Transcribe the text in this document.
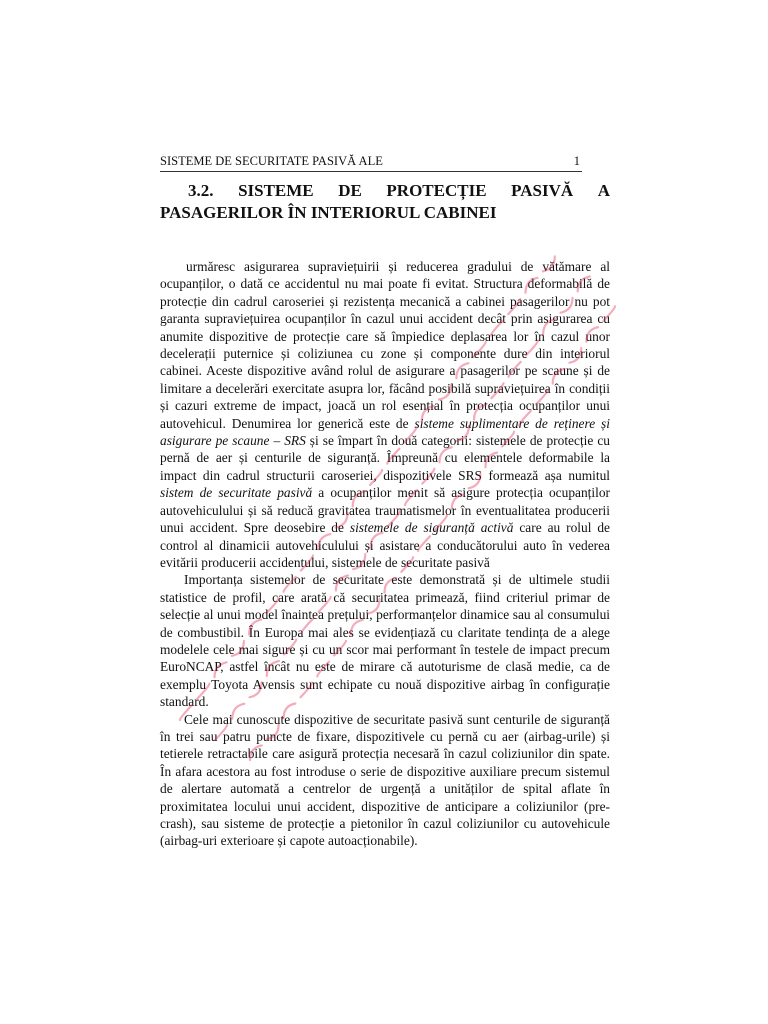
SISTEME DE SECURITATE PASIVĂ ALE	1
3.2. SISTEME DE PROTECȚIE PASIVĂ A
PASAGERILOR ÎN INTERIORUL CABINEI

urmăresc asigurarea supraviețuirii și reducerea gradului de vătămare al ocupanților, o dată ce accidentul nu mai poate fi evitat. Structura deformabilă de protecție din cadrul caroseriei și rezistența mecanică a cabinei pasagerilor nu pot garanta supraviețuirea ocupanților în cazul unui accident decât prin asigurarea cu anumite dispozitive de protecție care să împiedice deplasarea lor în cazul unor decelerații puternice și coliziunea cu zone și componente dure din interiorul cabinei. Aceste dispozitive având rolul de asigurare a pasagerilor pe scaune și de limitare a decelerări exercitate asupra lor, făcând posibilă supraviețuirea în condiții și cazuri extreme de impact, joacă un rol esențial în protecția ocupanților unui autovehicul. Denumirea lor generică este de sisteme suplimentare de reținere și asigurare pe scaune – SRS și se împart în două categorii: sistemele de protecție cu pernă de aer și centurile de siguranță. Împreună cu elementele deformabile la impact din cadrul structurii caroseriei, dispozitivele SRS formează așa numitul sistem de securitate pasivă a ocupanților menit să asigure protecția ocupanților autovehiculului și să reducă gravitatea traumatismelor în eventualitatea producerii unui accident. Spre deosebire de sistemele de siguranță activă care au rolul de control al dinamicii autovehiculului și asistare a conducătorului auto în vederea evitării producerii accidentului, sistemele de securitate pasivă

Importanța sistemelor de securitate este demonstrată și de ultimele studii statistice de profil, care arată că securitatea primează, fiind criteriul primar de selecție al unui model înaintea prețului, performanțelor dinamice sau al consumului de combustibil. În Europa mai ales se evidențiază cu claritate tendința de a alege modelele cele mai sigure și cu un scor mai performant în testele de impact precum EuroNCAP, astfel încât nu este de mirare că autoturisme de clasă medie, ca de exemplu Toyota Avensis sunt echipate cu nouă dispozitive airbag în configurație standard.

Cele mai cunoscute dispozitive de securitate pasivă sunt centurile de siguranță în trei sau patru puncte de fixare, dispozitivele cu pernă cu aer (airbag-urile) și tetierele retractabile care asigură protecția necesară în cazul coliziunilor din spate. În afara acestora au fost introduse o serie de dispozitive auxiliare precum sistemul de alertare automată a centrelor de urgență a unităților de spital aflate în proximitatea locului unui accident, dispozitive de anticipare a coliziunilor (pre-crash), sau sisteme de protecție a pietonilor în cazul coliziunilor cu autovehicule (airbag-uri exterioare și capote autoacționabile).
